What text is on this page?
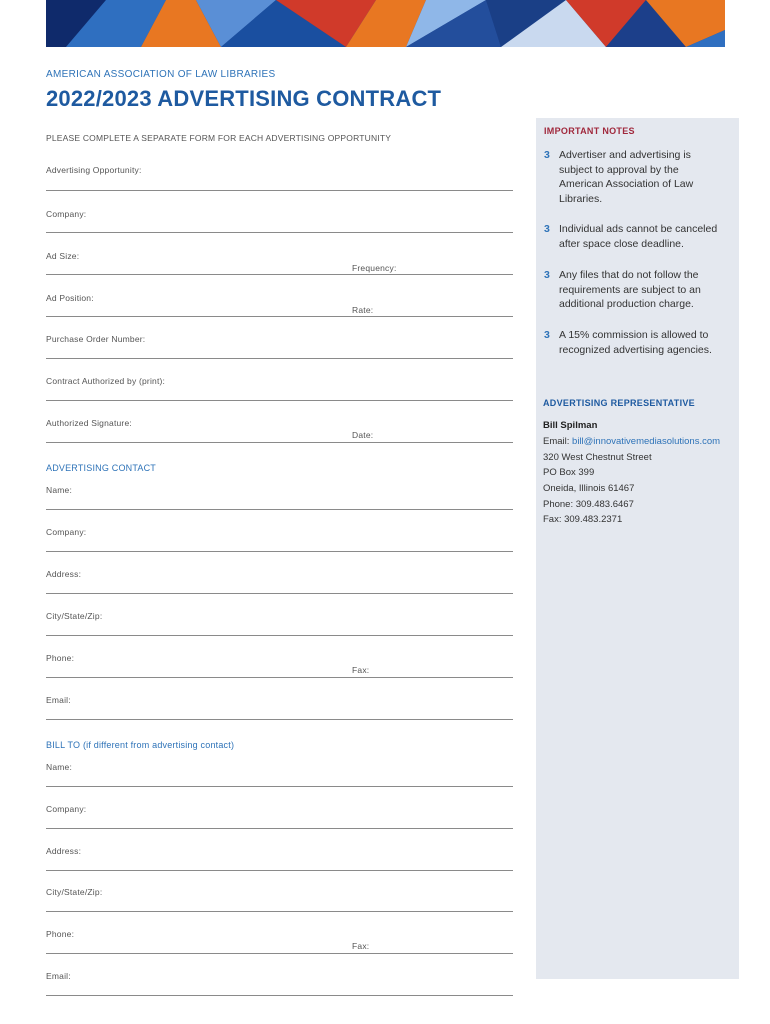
AMERICAN ASSOCIATION OF LAW LIBRARIES
2022/2023 ADVERTISING CONTRACT
PLEASE COMPLETE A SEPARATE FORM FOR EACH ADVERTISING OPPORTUNITY
Advertising Opportunity:
Company:
Ad Size:
Frequency:
Ad Position:
Rate:
Purchase Order Number:
Contract Authorized by (print):
Authorized Signature:
Date:
ADVERTISING CONTACT
Name:
Company:
Address:
City/State/Zip:
Phone:
Fax:
Email:
BILL TO (if different from advertising contact)
Name:
Company:
Address:
City/State/Zip:
Phone:
Fax:
Email:
IMPORTANT NOTES
3 Advertiser and advertising is subject to approval by the American Association of Law Libraries.
3 Individual ads cannot be canceled after space close deadline.
3 Any files that do not follow the requirements are subject to an additional production charge.
3 A 15% commission is allowed to recognized advertising agencies.
ADVERTISING REPRESENTATIVE
Bill Spilman
Email: bill@innovativemediasolutions.com
320 West Chestnut Street
PO Box 399
Oneida, Illinois 61467
Phone: 309.483.6467
Fax: 309.483.2371
